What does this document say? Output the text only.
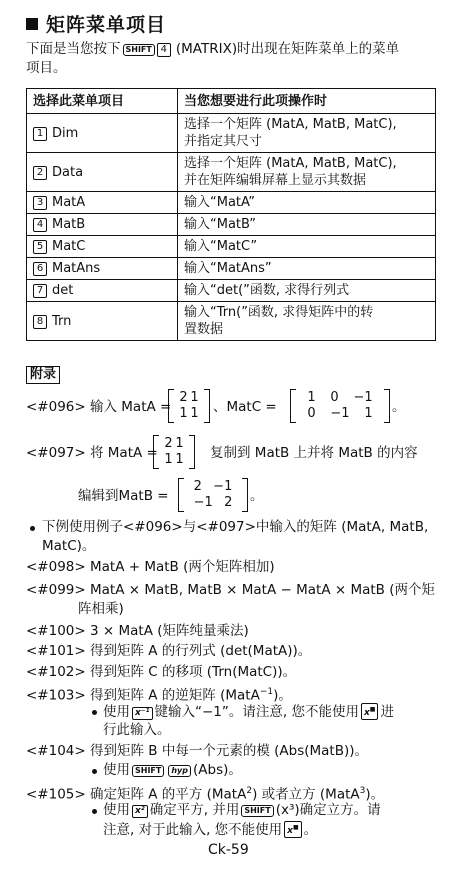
矩阵菜单项目
下面是当您按下 SHIFT 4 (MATRIX)时出现在矩阵菜单上的菜单
项目。
选择此菜单项目	当您想要进行此项操作时
1 Dim	选择一个矩阵 (MatA, MatB, MatC),
并指定其尺寸

2 Data	选择一个矩阵 (MatA, MatB, MatC),
并在矩阵编辑屏幕上显示其数据

3 MatA	输入“MatA”

4 MatB	输入“MatB”

5 MatC	输入“MatC”

6 MatAns	输入“MatAns”

7 det	输入“det(”函数, 求得行列式

8 Trn	输入“Trn(”函数, 求得矩阵中的转
置数据
附录
<#096> 输入 MatA =
2 1
1 1 、MatC =
1 0 −1
0 −1 1 。
<#097> 将 MatA =
2 1
1 1 复制到 MatB 上并将 MatB 的内容
编辑到MatB =
2 −1
−1 2 。
下例使用例子<#096>与<#097>中输入的矩阵 (MatA, MatB,
MatC)。
<#098> MatA + MatB (两个矩阵相加)
<#099> MatA × MatB, MatB × MatA − MatA × MatB (两个矩
阵相乘)
<#100> 3 × MatA (矩阵纯量乘法)
<#101> 得到矩阵 A 的行列式 (det(MatA))。
<#102> 得到矩阵 C 的移项 (Trn(MatC))。
<#103> 得到矩阵 A 的逆矩阵 (MatA$^{-1}$)。
使用 x⁻¹ 键输入“−1”。请注意, 您不能使用 x■ 进
行此输入。
<#104> 得到矩阵 B 中每一个元素的模 (Abs(MatB))。
使用 SHIFT hyp (Abs)。
<#105> 确定矩阵 A 的平方 (MatA$^2$) 或者立方 (MatA$^3$)。
使用 x² 确定平方, 并用 SHIFT (x³)确定立方。请
注意, 对于此输入, 您不能使用 x■ 。
Ck-59
